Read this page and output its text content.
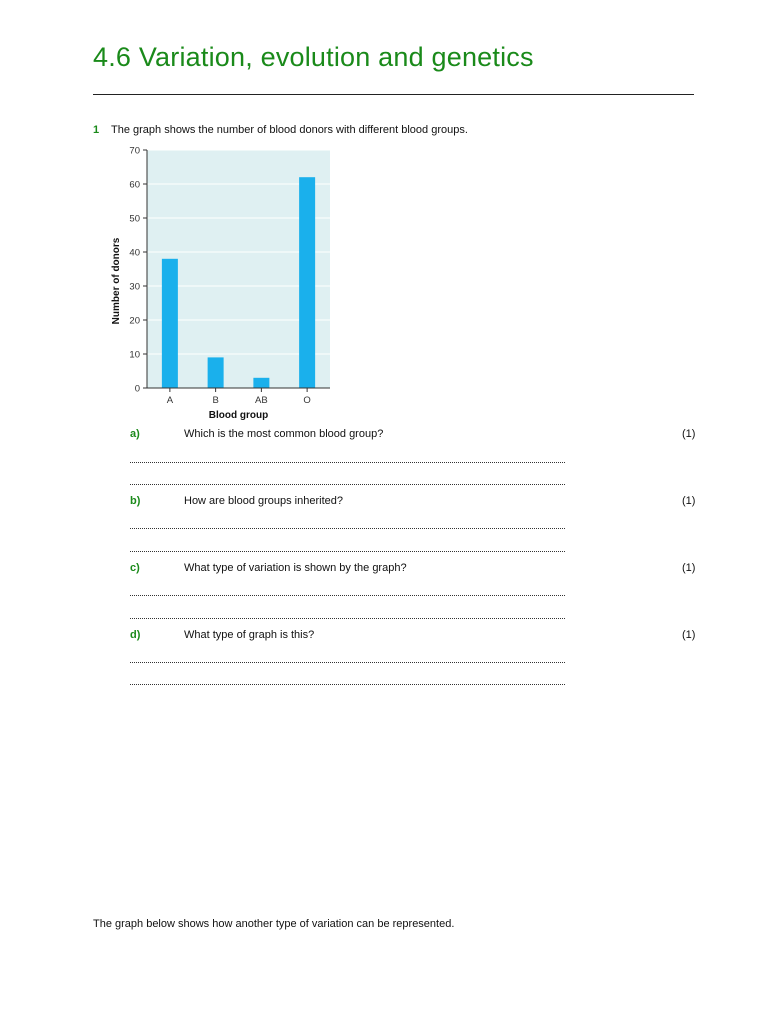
4.6 Variation, evolution and genetics
1 The graph shows the number of blood donors with different blood groups.
0
10
20
30
40
50
60
70
A	B	AB	O
Blood group
Number of donors
a)	Which is the most common blood group?	(1)
b)	How are blood groups inherited?	(1)
c)	What type of variation is shown by the graph?	(1)
d)	What type of graph is this?	(1)
The graph below shows how another type of variation can be represented.
